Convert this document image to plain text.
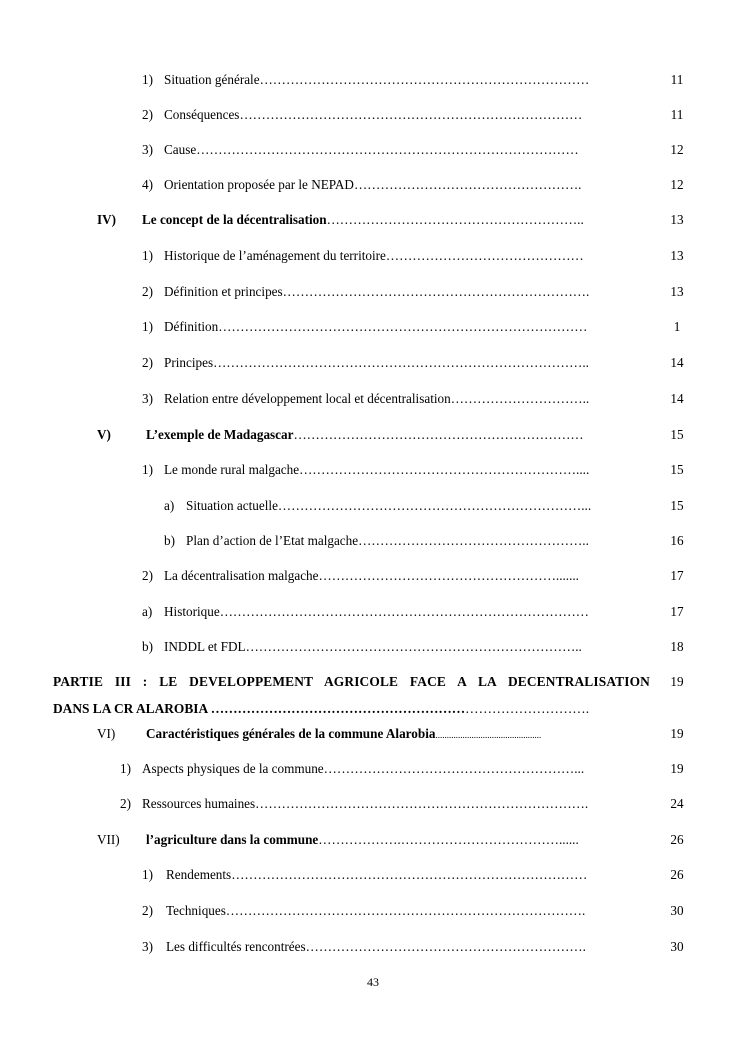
1) Situation générale …………………………………………………………………	11
2) Conséquences ……………………………………………………………………	11
3) Cause ……………………………………………………………………………	12
4) Orientation proposée par le NEPAD …………………………………………….	12
IV)	Le concept de la décentralisation …………………………………………………..	13
1) Historique de l’aménagement du territoire ………………………………………	13
2) Définition et principes …………………………………………………………….	13
1) Définition …………………………………………………………………………	1
2) Principes …………………………………………………………………………..	14
3) Relation entre développement local et décentralisation …………………………..	14
V)	L’exemple de Madagascar …………………………………………………………	15
1) Le monde rural malgache ………………………………………………………....	15
a) Situation actuelle ……………………………………………………………...	15
b) Plan d’action de l’Etat malgache ……………………………………………..	16
2) La décentralisation malgache ……………………………………………….......	17
a) Historique …………………………………………………………………………	17
b) INDDL et FDL …………………………………………………………………..	18
PARTIE III : LE DEVELOPPEMENT AGRICOLE FACE A LA DECENTRALISATION	19
DANS LA CR ALAROBIA ………………………………………………………………………….
VI)	Caractéristiques générales de la commune Alarobia ...............................................	19
1) Aspects physiques de la commune …………………………………………………...	19
2) Ressources humaines ………………………………………………………………….	24
VII)	l’agriculture dans la commune ……………….………………………………......	26
1) Rendements ………………………………………………………………………	26
2) Techniques ……………………………………………………………………….	30
3) Les difficultés rencontrées ……………………………………………………….	30
43
